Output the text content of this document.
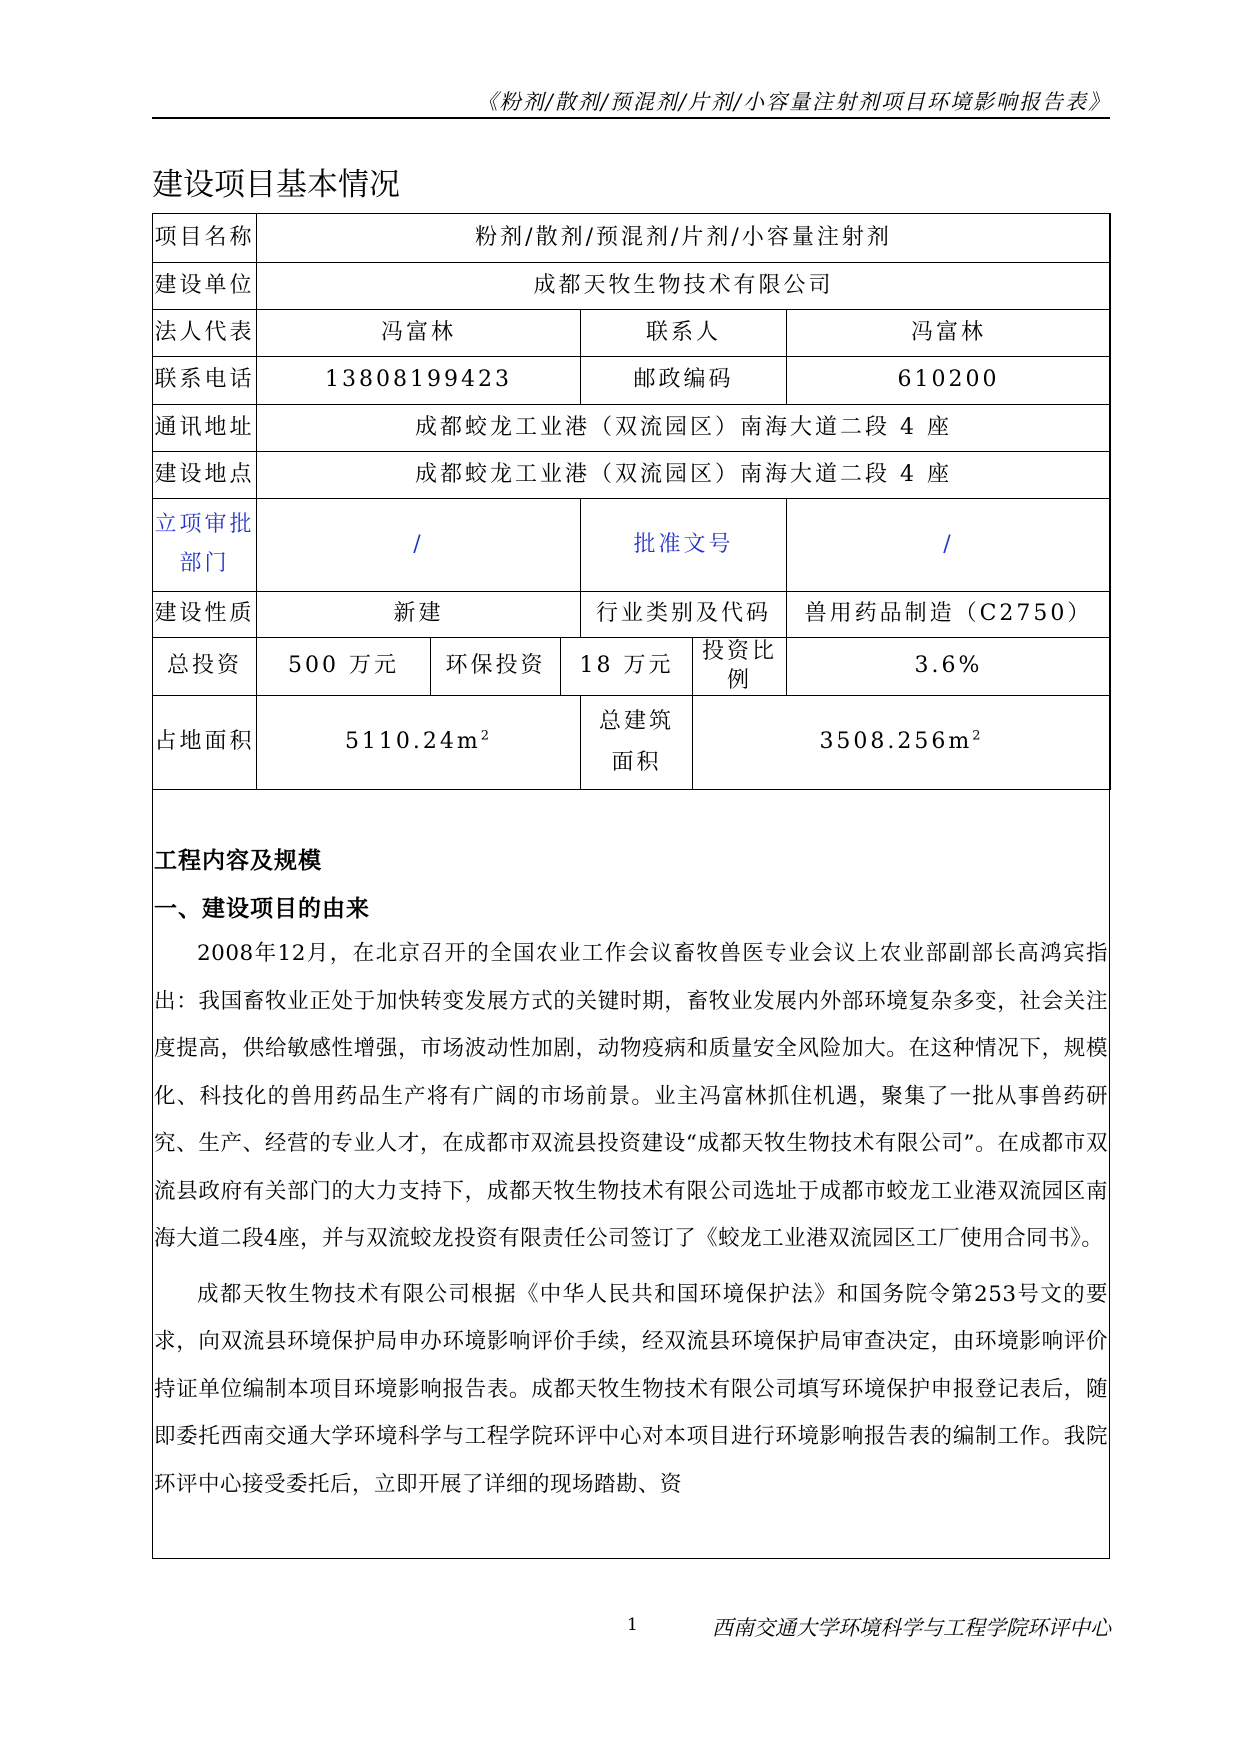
《粉剂/散剂/预混剂/片剂/小容量注射剂项目环境影响报告表》
建设项目基本情况
项目名称	粉剂/散剂/预混剂/片剂/小容量注射剂					
建设单位	成都天牧生物技术有限公司					
法人代表	冯富林			联系人		冯富林
联系电话	13808199423			邮政编码		610200
通讯地址	成都蛟龙工业港（双流园区）南海大道二段 4 座					
建设地点	成都蛟龙工业港（双流园区）南海大道二段 4 座					

立项审批
部门	/			批准文号		/
建设性质	新建			行业类别及代码		兽用药品制造（C2750）
总投资	500 万元	环保投资	18 万元		投资比例	3.6%
占地面积	$5110.24m^2$			总建筑
面积	$3508.256m^2$
工程内容及规模
一、建设项目的由来

2008年12月，在北京召开的全国农业工作会议畜牧兽医专业会议上农业部副部长高鸿宾指出：我国畜牧业正处于加快转变发展方式的关键时期，畜牧业发展内外部环境复杂多变，社会关注度提高，供给敏感性增强，市场波动性加剧，动物疫病和质量安全风险加大。在这种情况下，规模化、科技化的兽用药品生产将有广阔的市场前景。业主冯富林抓住机遇，聚集了一批从事兽药研究、生产、经营的专业人才，在成都市双流县投资建设“成都天牧生物技术有限公司”。在成都市双流县政府有关部门的大力支持下，成都天牧生物技术有限公司选址于成都市蛟龙工业港双流园区南海大道二段4座，并与双流蛟龙投资有限责任公司签订了《蛟龙工业港双流园区工厂使用合同书》。

成都天牧生物技术有限公司根据《中华人民共和国环境保护法》和国务院令第253号文的要求，向双流县环境保护局申办环境影响评价手续，经双流县环境保护局审查决定，由环境影响评价持证单位编制本项目环境影响报告表。成都天牧生物技术有限公司填写环境保护申报登记表后，随即委托西南交通大学环境科学与工程学院环评中心对本项目进行环境影响报告表的编制工作。我院环评中心接受委托后，立即开展了详细的现场踏勘、资

1	西南交通大学环境科学与工程学院环评中心
